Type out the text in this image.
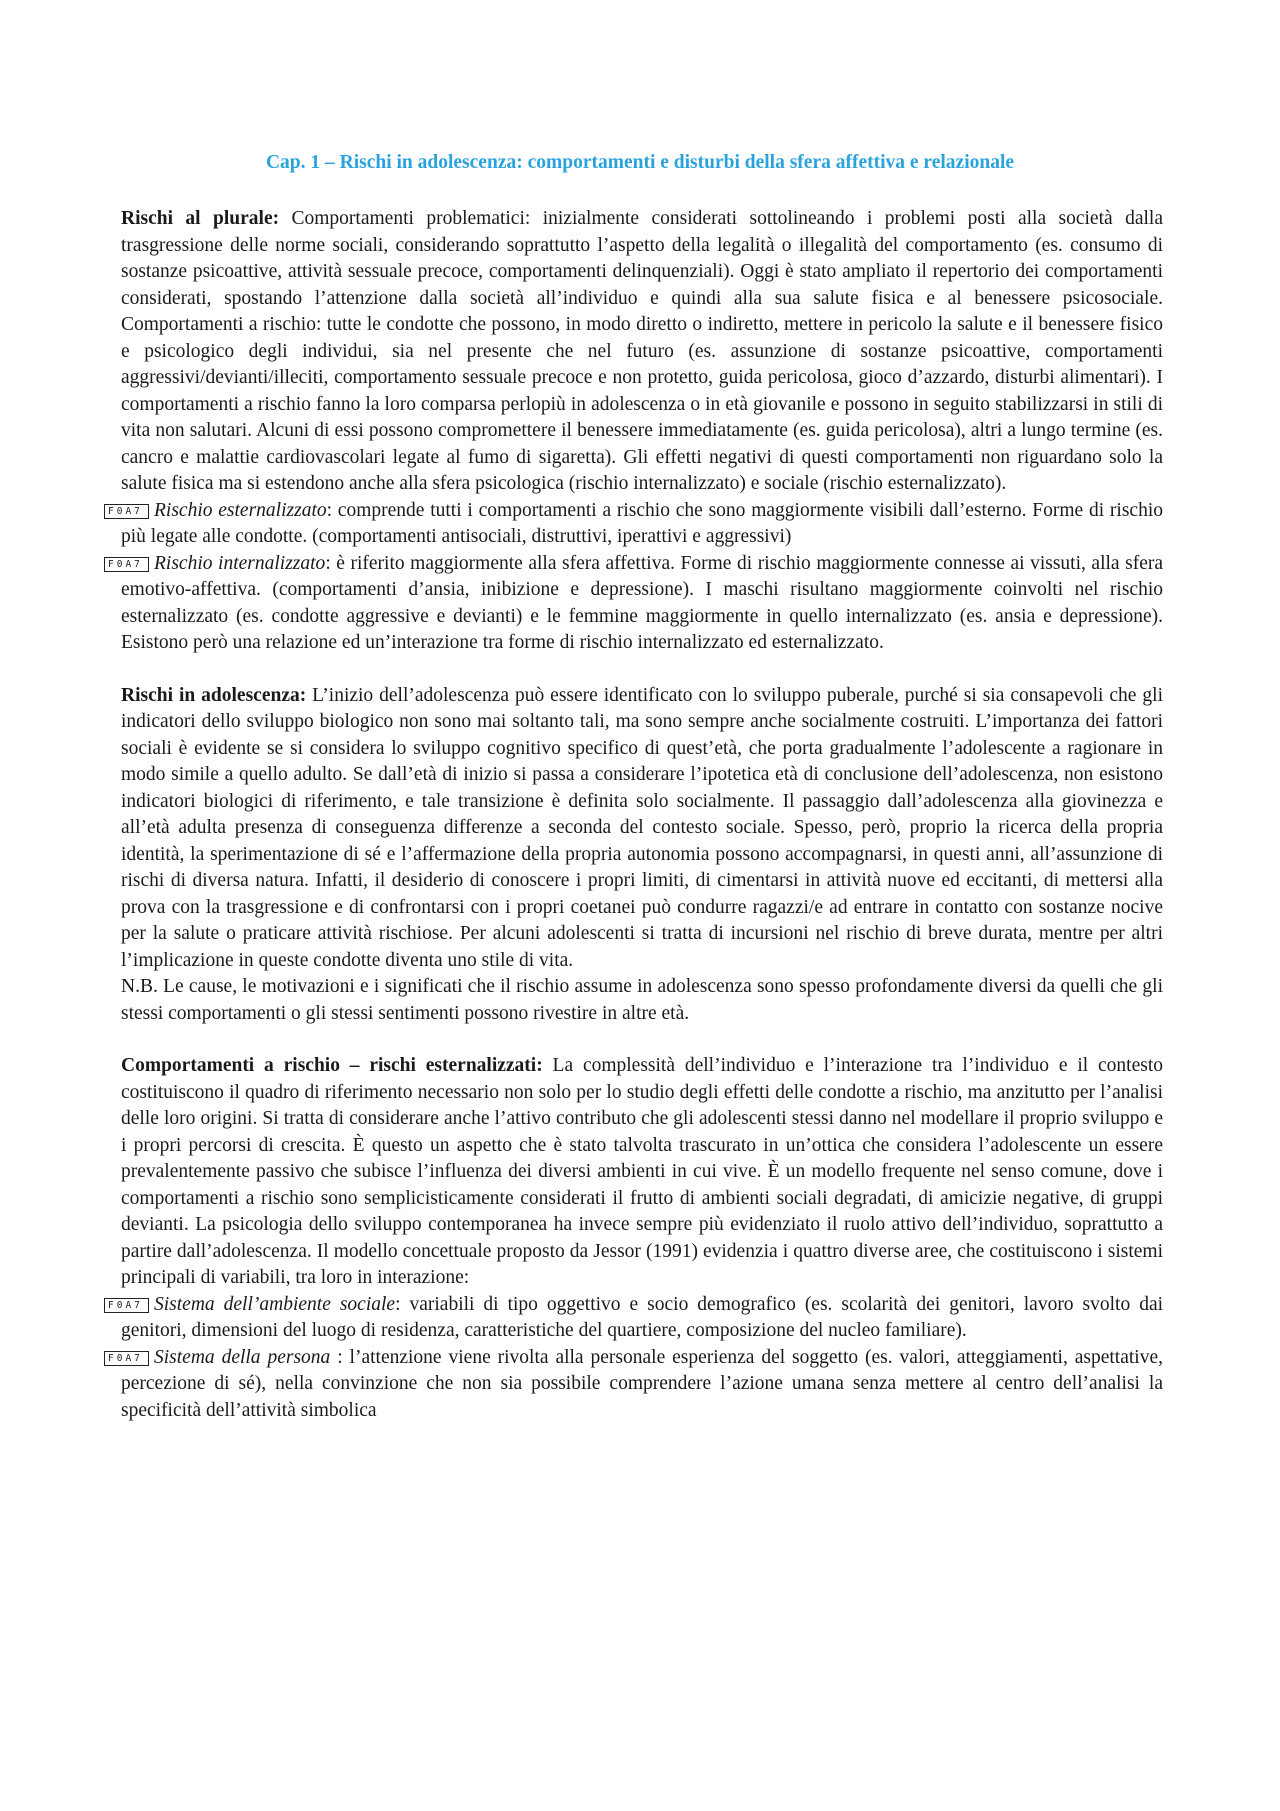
Cap. 1 – Rischi in adolescenza: comportamenti e disturbi della sfera affettiva e relazionale

Rischi al plurale: Comportamenti problematici: inizialmente considerati sottolineando i problemi posti alla società dalla trasgressione delle norme sociali, considerando soprattutto l’aspetto della legalità o illegalità del comportamento (es. consumo di sostanze psicoattive, attività sessuale precoce, comportamenti delinquenziali). Oggi è stato ampliato il repertorio dei comportamenti considerati, spostando l’attenzione dalla società all’individuo e quindi alla sua salute fisica e al benessere psicosociale. Comportamenti a rischio: tutte le condotte che possono, in modo diretto o indiretto, mettere in pericolo la salute e il benessere fisico e psicologico degli individui, sia nel presente che nel futuro (es. assunzione di sostanze psicoattive, comportamenti aggressivi/devianti/illeciti, comportamento sessuale precoce e non protetto, guida pericolosa, gioco d’azzardo, disturbi alimentari). I comportamenti a rischio fanno la loro comparsa perlopiù in adolescenza o in età giovanile e possono in seguito stabilizzarsi in stili di vita non salutari. Alcuni di essi possono compromettere il benessere immediatamente (es. guida pericolosa), altri a lungo termine (es. cancro e malattie cardiovascolari legate al fumo di sigaretta). Gli effetti negativi di questi comportamenti non riguardano solo la salute fisica ma si estendono anche alla sfera psicologica (rischio internalizzato) e sociale (rischio esternalizzato).

F0A7 Rischio esternalizzato: comprende tutti i comportamenti a rischio che sono maggiormente visibili dall’esterno. Forme di rischio più legate alle condotte. (comportamenti antisociali, distruttivi, iperattivi e aggressivi)

F0A7 Rischio internalizzato: è riferito maggiormente alla sfera affettiva. Forme di rischio maggiormente connesse ai vissuti, alla sfera emotivo-affettiva. (comportamenti d’ansia, inibizione e depressione). I maschi risultano maggiormente coinvolti nel rischio esternalizzato (es. condotte aggressive e devianti) e le femmine maggiormente in quello internalizzato (es. ansia e depressione). Esistono però una relazione ed un’interazione tra forme di rischio internalizzato ed esternalizzato.

Rischi in adolescenza: L’inizio dell’adolescenza può essere identificato con lo sviluppo puberale, purché si sia consapevoli che gli indicatori dello sviluppo biologico non sono mai soltanto tali, ma sono sempre anche socialmente costruiti. L’importanza dei fattori sociali è evidente se si considera lo sviluppo cognitivo specifico di quest’età, che porta gradualmente l’adolescente a ragionare in modo simile a quello adulto. Se dall’età di inizio si passa a considerare l’ipotetica età di conclusione dell’adolescenza, non esistono indicatori biologici di riferimento, e tale transizione è definita solo socialmente. Il passaggio dall’adolescenza alla giovinezza e all’età adulta presenza di conseguenza differenze a seconda del contesto sociale. Spesso, però, proprio la ricerca della propria identità, la sperimentazione di sé e l’affermazione della propria autonomia possono accompagnarsi, in questi anni, all’assunzione di rischi di diversa natura. Infatti, il desiderio di conoscere i propri limiti, di cimentarsi in attività nuove ed eccitanti, di mettersi alla prova con la trasgressione e di confrontarsi con i propri coetanei può condurre ragazzi/e ad entrare in contatto con sostanze nocive per la salute o praticare attività rischiose. Per alcuni adolescenti si tratta di incursioni nel rischio di breve durata, mentre per altri l’implicazione in queste condotte diventa uno stile di vita.

N.B. Le cause, le motivazioni e i significati che il rischio assume in adolescenza sono spesso profondamente diversi da quelli che gli stessi comportamenti o gli stessi sentimenti possono rivestire in altre età.

Comportamenti a rischio – rischi esternalizzati: La complessità dell’individuo e l’interazione tra l’individuo e il contesto costituiscono il quadro di riferimento necessario non solo per lo studio degli effetti delle condotte a rischio, ma anzitutto per l’analisi delle loro origini. Si tratta di considerare anche l’attivo contributo che gli adolescenti stessi danno nel modellare il proprio sviluppo e i propri percorsi di crescita. È questo un aspetto che è stato talvolta trascurato in un’ottica che considera l’adolescente un essere prevalentemente passivo che subisce l’influenza dei diversi ambienti in cui vive. È un modello frequente nel senso comune, dove i comportamenti a rischio sono semplicisticamente considerati il frutto di ambienti sociali degradati, di amicizie negative, di gruppi devianti. La psicologia dello sviluppo contemporanea ha invece sempre più evidenziato il ruolo attivo dell’individuo, soprattutto a partire dall’adolescenza. Il modello concettuale proposto da Jessor (1991) evidenzia i quattro diverse aree, che costituiscono i sistemi principali di variabili, tra loro in interazione:

F0A7 Sistema dell’ambiente sociale: variabili di tipo oggettivo e socio demografico (es. scolarità dei genitori, lavoro svolto dai genitori, dimensioni del luogo di residenza, caratteristiche del quartiere, composizione del nucleo familiare).

F0A7 Sistema della persona : l’attenzione viene rivolta alla personale esperienza del soggetto (es. valori, atteggiamenti, aspettative, percezione di sé), nella convinzione che non sia possibile comprendere l’azione umana senza mettere al centro dell’analisi la specificità dell’attività simbolica
